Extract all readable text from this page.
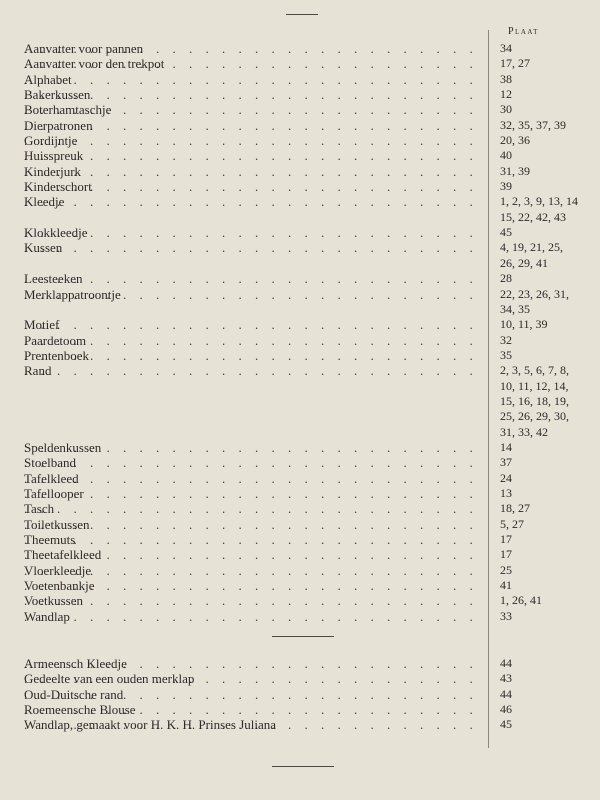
Plaat
. . .
Aanvatter voor pannen	34
. . .
Aanvatter voor den trekpot	17, 27
. . .
Alphabet	38
. . .
Bakerkussen	12
. . .
Boterhamtaschje	30
. . .
Dierpatronen	32, 35, 37, 39
. . .
Gordijntje	20, 36
. . .
Huisspreuk	40
. . .
Kinderjurk	31, 39
. . .
Kinderschort	39
. . .
Kleedje	1, 2, 3, 9, 13, 14
15, 22, 42, 43
. . .
Klokkleedje	45
. . .
Kussen	4, 19, 21, 25,
26, 29, 41
. . .
Leesteeken	28
. . .
Merklappatroontje	22, 23, 26, 31,
34, 35
. . .
Motief	10, 11, 39
. . .
Paardetoom	32
. . .
Prentenboek	35
. . .
Rand	2, 3, 5, 6, 7, 8,
10, 11, 12, 14,
15, 16, 18, 19,
25, 26, 29, 30,
31, 33, 42
. . .
Speldenkussen	14
. . .
Stoelband	37
. . .
Tafelkleed	24
. . .
Tafellooper	13
. . .
Tasch	18, 27
. . .
Toiletkussen	5, 27
. . .
Theemuts	17
. . .
Theetafelkleed	17
. . .
Vloerkleedje	25
. . .
Voetenbankje	41
. . .
Voetkussen	1, 26, 41
. . .
Wandlap	33
. . .
Armeensch Kleedje	44
. . .
Gedeelte van een ouden merklap	43
. . .
Oud-Duitsche rand	44
. . .
Roemeensche Blouse	46
. . .
Wandlap, gemaakt voor H. K. H. Prinses Juliana	45
